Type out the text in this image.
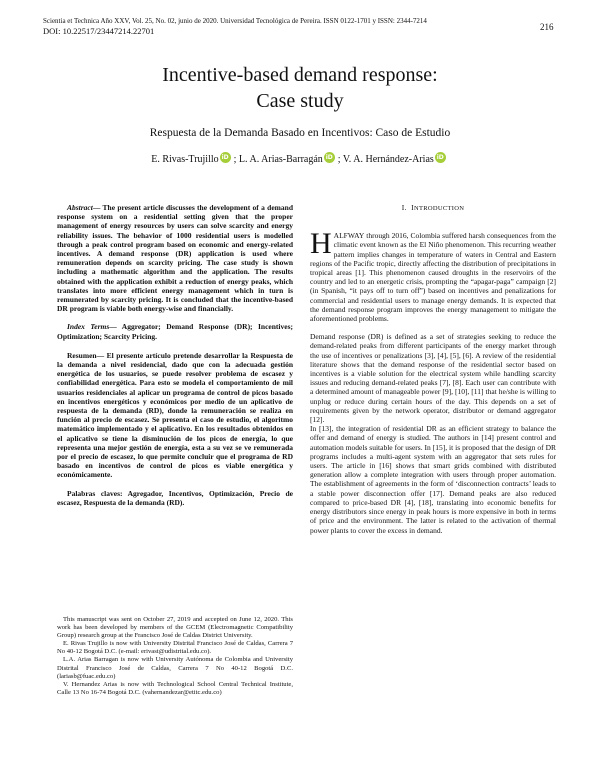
Scientia et Technica Año XXV, Vol. 25, No. 02, junio de 2020. Universidad Tecnológica de Pereira. ISSN 0122-1701 y ISSN: 2344-7214
DOI: 10.22517/23447214.22701	216
Incentive-based demand response:
Case study
Respuesta de la Demanda Basado en Incentivos: Caso de Estudio
E. Rivas-Trujillo iD ; L. A. Arias-Barragán iD ; V. A. Hernández-Arias iD

Abstract— The present article discusses the development of a demand response system on a residential setting given that the proper management of energy resources by users can solve scarcity and energy reliability issues. The behavior of 1000 residential users is modelled through a peak control program based on economic and energy-related incentives. A demand response (DR) application is used where remuneration depends on scarcity pricing. The case study is shown including a mathematic algorithm and the application. The results obtained with the application exhibit a reduction of energy peaks, which translates into more efficient energy management which in turn is remunerated by scarcity pricing. It is concluded that the incentive-based DR program is viable both energy-wise and financially.

Index Terms— Aggregator; Demand Response (DR); Incentives; Optimization; Scarcity Pricing.

Resumen— El presente artículo pretende desarrollar la Respuesta de la demanda a nivel residencial, dado que con la adecuada gestión energética de los usuarios, se puede resolver problema de escasez y confiabilidad energética. Para esto se modela el comportamiento de mil usuarios residenciales al aplicar un programa de control de picos basado en incentivos energéticos y económicos por medio de un aplicativo de respuesta de la demanda (RD), donde la remuneración se realiza en función al precio de escasez. Se presenta el caso de estudio, el algoritmo matemático implementado y el aplicativo. En los resultados obtenidos en el aplicativo se tiene la disminución de los picos de energía, lo que representa una mejor gestión de energía, esta a su vez se ve remunerada por el precio de escasez, lo que permite concluir que el programa de RD basado en incentivos de control de picos es viable energética y económicamente.

Palabras claves: Agregador, Incentivos, Optimización, Precio de escasez, Respuesta de la demanda (RD).

This manuscript was sent on October 27, 2019 and accepted on June 12, 2020. This work has been developed by members of the GCEM (Electromagnetic Compatibility Group) research group at the Francisco José de Caldas District University.

E. Rivas Trujillo is now with University Distrital Francisco José de Caldas, Carrera 7 No 40-12 Bogotá D.C. (e-mail: erivast@udistrital.edu.co).

L.A. Arias Barragan is now with University Autónoma de Colombia and University Distrital Francisco José de Caldas, Carrera 7 No 40-12 Bogotá D.C. (lariasb@fuac.edu.co)

V. Hernandez Arias is now with Technological School Central Technical Institute, Calle 13 No 16-74 Bogotá D.C. (vahernandezar@etitc.edu.co)

I. INTRODUCTION

HALFWAY through 2016, Colombia suffered harsh consequences from the climatic event known as the El Niño phenomenon. This recurring weather pattern implies changes in temperature of waters in Central and Eastern regions of the Pacific tropic, directly affecting the distribution of precipitations in tropical areas [1]. This phenomenon caused droughts in the reservoirs of the country and led to an energetic crisis, prompting the “apagar-paga” campaign [2] (in Spanish, “it pays off to turn off”) based on incentives and penalizations for commercial and residential users to manage energy demands. It is expected that the demand response program improves the energy management to mitigate the aforementioned problems.

Demand response (DR) is defined as a set of strategies seeking to reduce the demand-related peaks from different participants of the energy market through the use of incentives or penalizations [3], [4], [5], [6]. A review of the residential literature shows that the demand response of the residential sector based on incentives is a viable solution for the electrical system while handling scarcity issues and reducing demand-related peaks [7], [8]. Each user can contribute with a determined amount of manageable power [9], [10], [11] that he/she is willing to unplug or reduce during certain hours of the day. This depends on a set of requirements given by the network operator, distributor or demand aggregator [12].

In [13], the integration of residential DR as an efficient strategy to balance the offer and demand of energy is studied. The authors in [14] present control and automation models suitable for users. In [15], it is proposed that the design of DR programs includes a multi-agent system with an aggregator that sets rules for users. The article in [16] shows that smart grids combined with distributed generation allow a complete integration with users through proper automation. The establishment of agreements in the form of ‘disconnection contracts’ leads to a stable power disconnection offer [17]. Demand peaks are also reduced compared to price-based DR [4], [18], translating into economic benefits for energy distributors since energy in peak hours is more expensive in both in terms of price and the environment. The latter is related to the activation of thermal power plants to cover the excess in demand.
